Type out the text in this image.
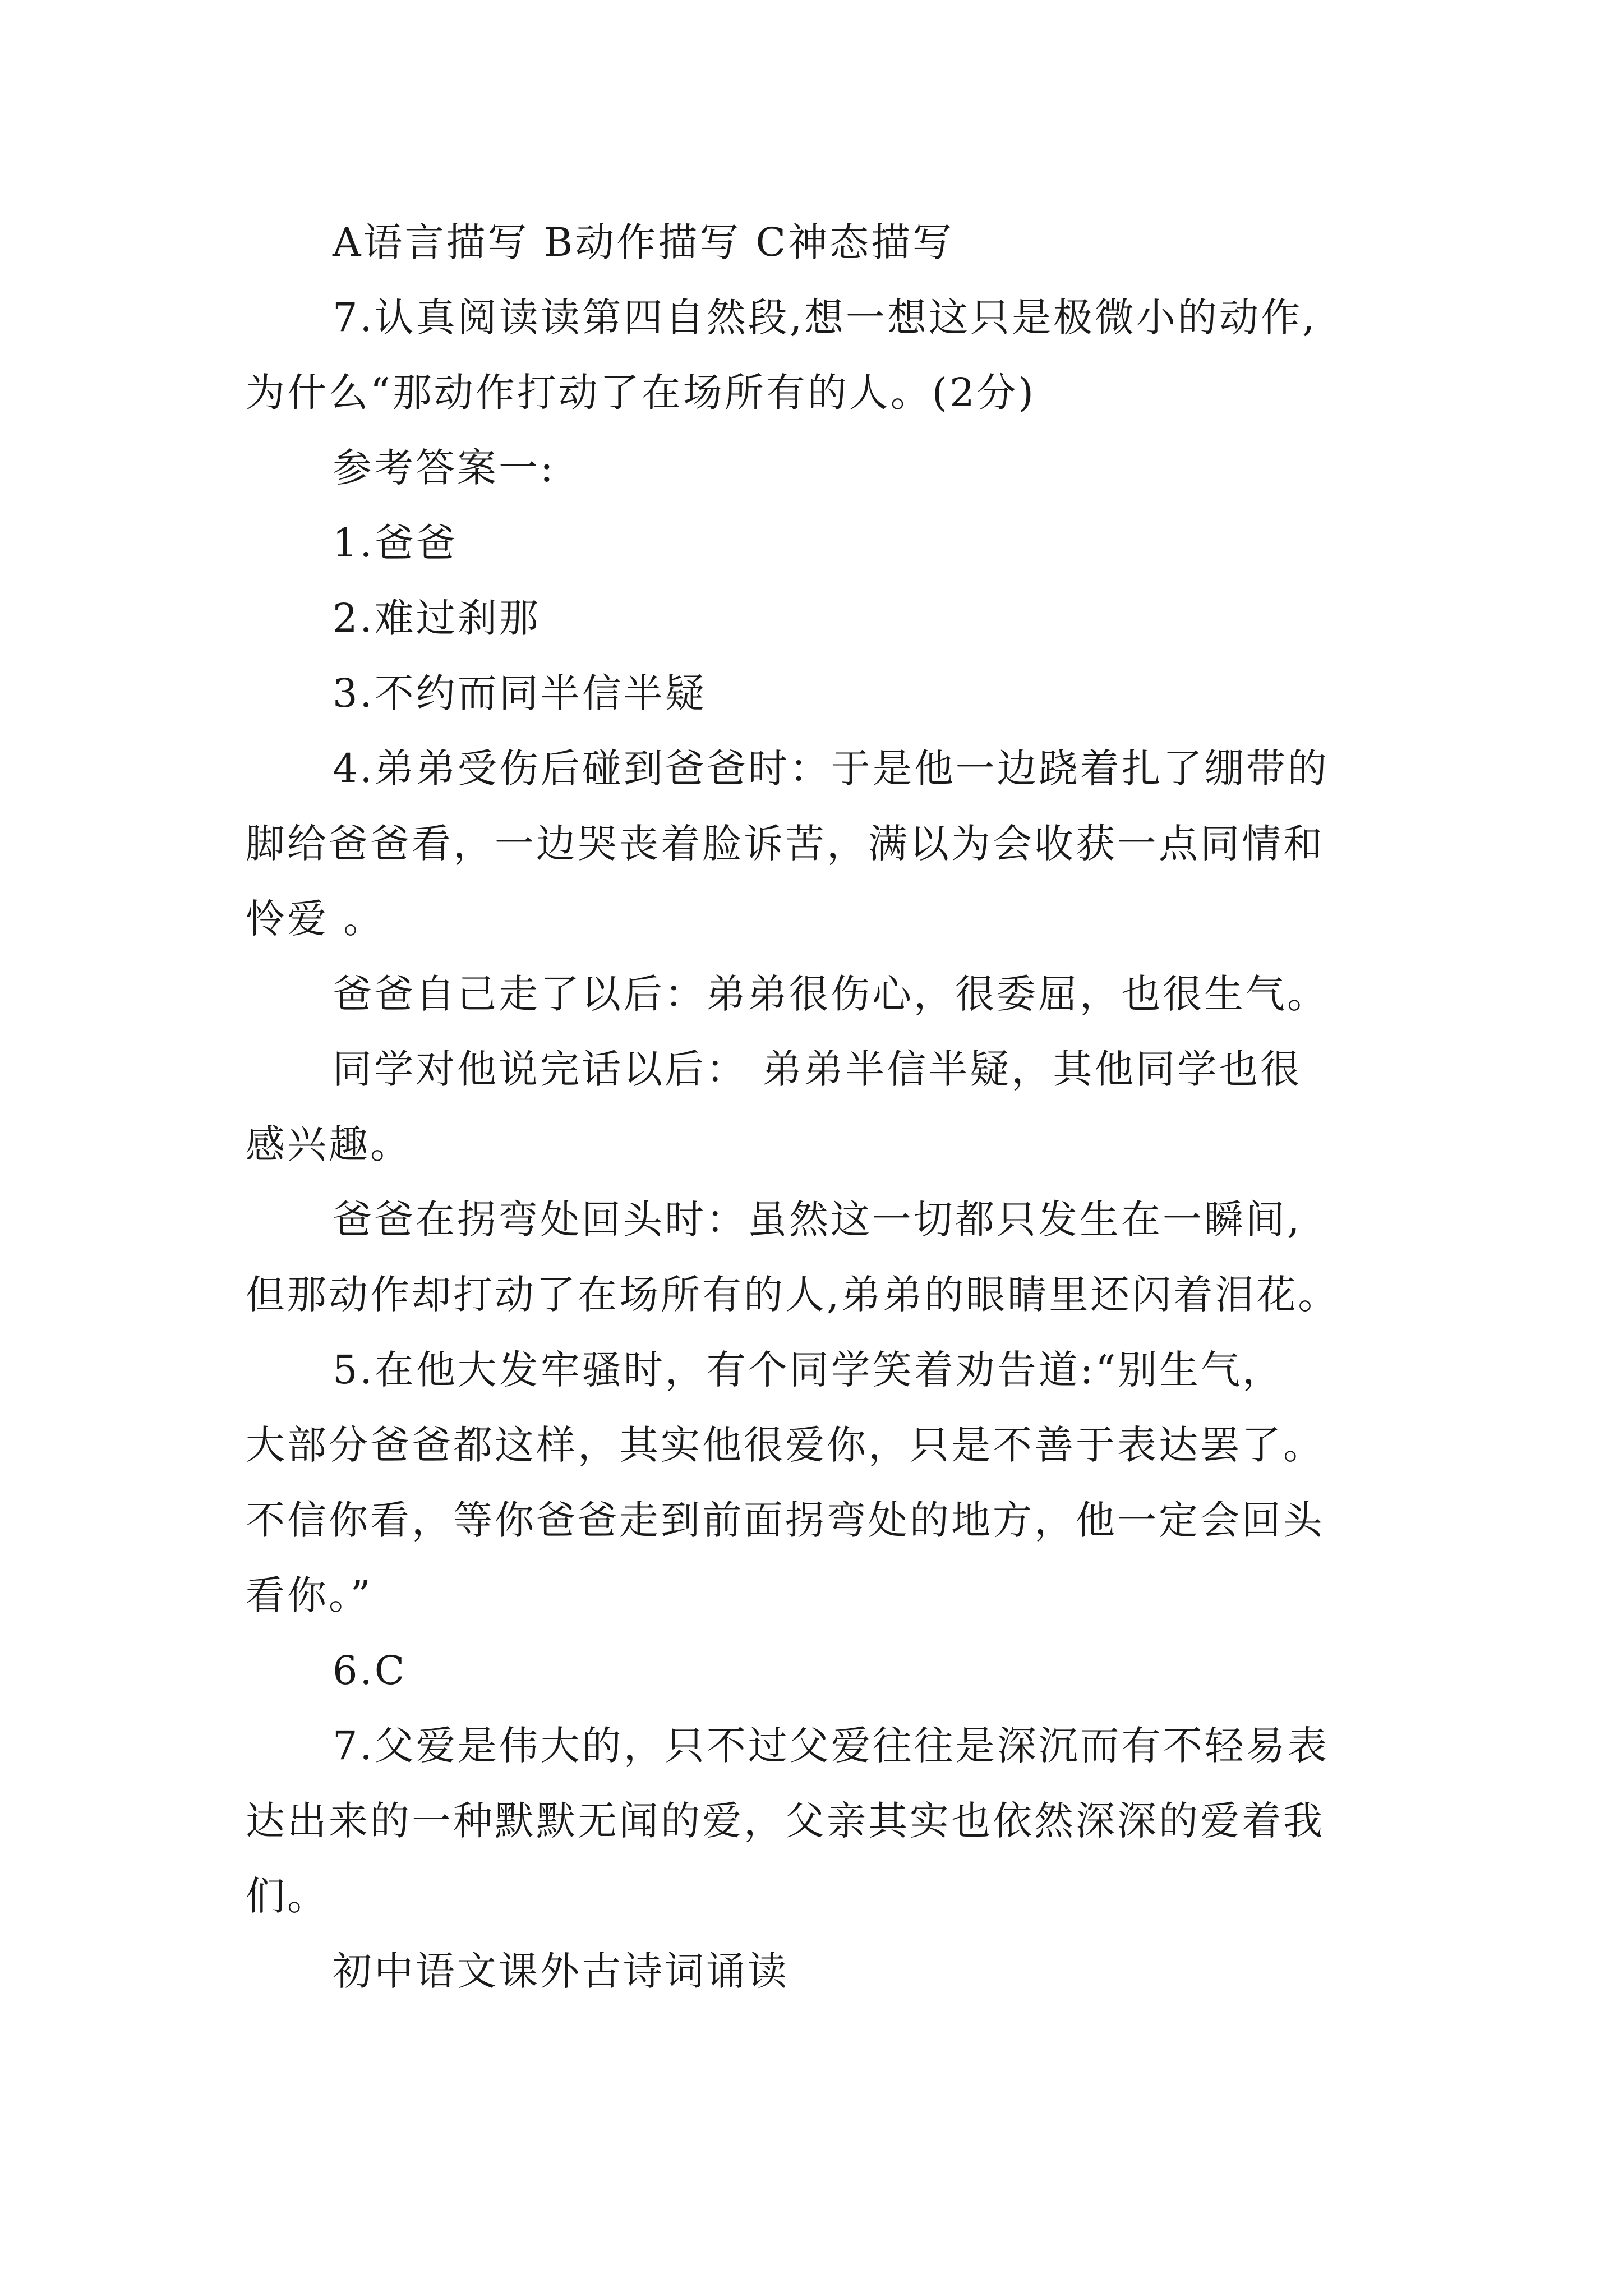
A语言描写 B动作描写 C神态描写
7.认真阅读读第四自然段,想一想这只是极微小的动作,
为什么“那动作打动了在场所有的人。(2分)
参考答案一:
1.爸爸
2.难过刹那
3.不约而同半信半疑
4.弟弟受伤后碰到爸爸时：于是他一边跷着扎了绷带的
脚给爸爸看，一边哭丧着脸诉苦，满以为会收获一点同情和
怜爱 。
爸爸自己走了以后：弟弟很伤心，很委屈，也很生气。
同学对他说完话以后： 弟弟半信半疑，其他同学也很
感兴趣。
爸爸在拐弯处回头时：虽然这一切都只发生在一瞬间,
但那动作却打动了在场所有的人,弟弟的眼睛里还闪着泪花。
5.在他大发牢骚时，有个同学笑着劝告道:“别生气，
大部分爸爸都这样，其实他很爱你，只是不善于表达罢了。
不信你看，等你爸爸走到前面拐弯处的地方，他一定会回头
看你。”
6.C
7.父爱是伟大的，只不过父爱往往是深沉而有不轻易表
达出来的一种默默无闻的爱，父亲其实也依然深深的爱着我
们。
初中语文课外古诗词诵读
